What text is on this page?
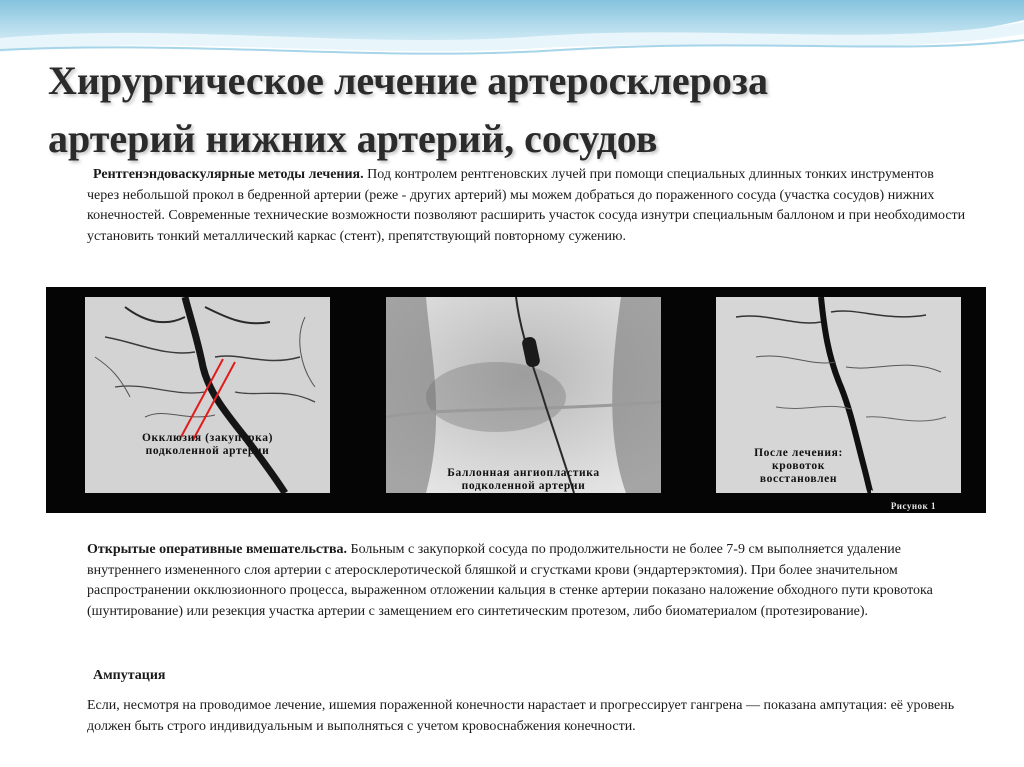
Хирургическое лечение артеросклероза
артерий нижних артерий, сосудов
Рентгенэндоваскулярные методы лечения. Под контролем рентгеновских лучей при помощи специальных длинных тонких инструментов через небольшой прокол в бедренной артерии (реже - других артерий) мы можем добраться до пораженного сосуда (участка сосудов) нижних конечностей. Современные технические возможности позволяют расширить участок сосуда изнутри специальным баллоном и при необходимости установить тонкий металлический каркас (стент), препятствующий повторному сужению.
Окклюзия (закупорка)
подколенной артерии
Баллонная ангиопластика
подколенной артерии
После лечения:
кровоток
восстановлен
Рисунок 1
Открытые оперативные вмешательства. Больным с закупоркой сосуда по продолжительности не более 7-9 см выполняется удаление внутреннего измененного слоя артерии с атеросклеротической бляшкой и сгустками крови (эндартерэктомия). При более значительном распространении окклюзионного процесса, выраженном отложении кальция в стенке артерии показано наложение обходного пути кровотока (шунтирование) или резекция участка артерии с замещением его синтетическим протезом, либо биоматериалом (протезирование).
Ампутация
Если, несмотря на проводимое лечение, ишемия пораженной конечности нарастает и прогрессирует гангрена — показана ампутация: её уровень должен быть строго индивидуальным и выполняться с учетом кровоснабжения конечности.
